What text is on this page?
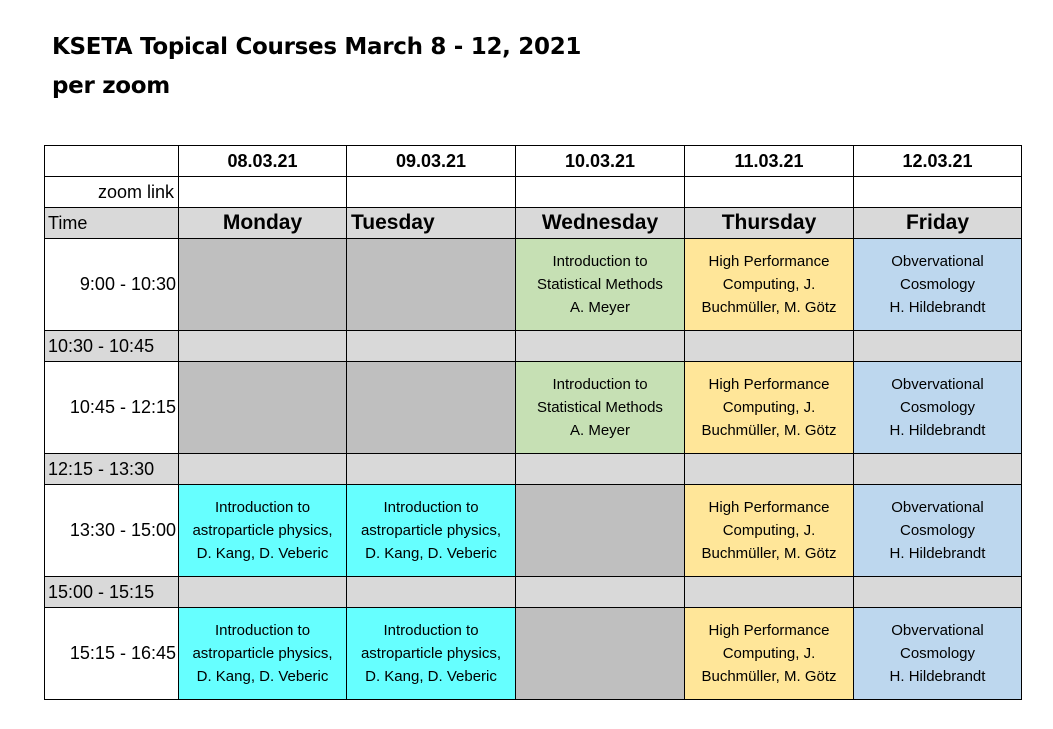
KSETA Topical Courses March 8 - 12, 2021
per zoom
	08.03.21	09.03.21	10.03.21	11.03.21	12.03.21
zoom link					
Time	Monday	Tuesday	Wednesday	Thursday	Friday
9:00 - 10:30			Introduction to
Statistical Methods
A. Meyer	High Performance
Computing, J.
Buchmüller, M. Götz	Obvervational
Cosmology
H. Hildebrandt

10:30 - 10:45					
10:45 - 12:15			Introduction to
Statistical Methods
A. Meyer	High Performance
Computing, J.
Buchmüller, M. Götz	Obvervational
Cosmology
H. Hildebrandt

12:15 - 13:30					
13:30 - 15:00	Introduction to
astroparticle physics,
D. Kang, D. Veberic	Introduction to
astroparticle physics,
D. Kang, D. Veberic		High Performance
Computing, J.
Buchmüller, M. Götz	Obvervational
Cosmology
H. Hildebrandt

15:00 - 15:15					
15:15 - 16:45	Introduction to
astroparticle physics,
D. Kang, D. Veberic	Introduction to
astroparticle physics,
D. Kang, D. Veberic		High Performance
Computing, J.
Buchmüller, M. Götz	Obvervational
Cosmology
H. Hildebrandt
